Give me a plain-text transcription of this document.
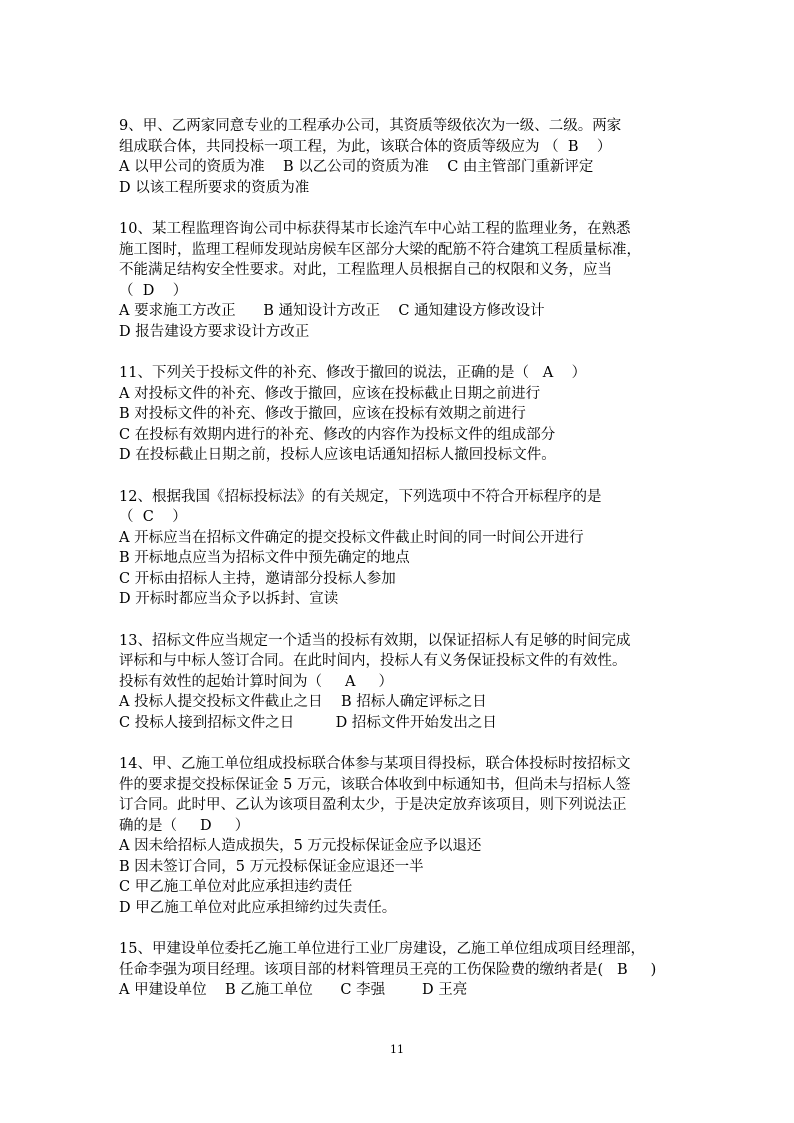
9、甲、乙两家同意专业的工程承办公司，其资质等级依次为一级、二级。两家
组成联合体，共同投标一项工程，为此，该联合体的资质等级应为 （  B    ）
A 以甲公司的资质为准    B 以乙公司的资质为准    C 由主管部门重新评定
D 以该工程所要求的资质为准
10、某工程监理咨询公司中标获得某市长途汽车中心站工程的监理业务，在熟悉
施工图时，监理工程师发现站房候车区部分大梁的配筋不符合建筑工程质量标准，
不能满足结构安全性要求。对此，工程监理人员根据自己的权限和义务，应当
（  D    ）
A 要求施工方改正      B 通知设计方改正    C 通知建设方修改设计
D 报告建设方要求设计方改正
11、下列关于投标文件的补充、修改于撤回的说法，正确的是（   A    ）
A 对投标文件的补充、修改于撤回，应该在投标截止日期之前进行
B 对投标文件的补充、修改于撤回，应该在投标有效期之前进行
C 在投标有效期内进行的补充、修改的内容作为投标文件的组成部分
D 在投标截止日期之前，投标人应该电话通知招标人撤回投标文件。
12、根据我国《招标投标法》的有关规定，下列选项中不符合开标程序的是
（  C    ）
A 开标应当在招标文件确定的提交投标文件截止时间的同一时间公开进行
B 开标地点应当为招标文件中预先确定的地点
C 开标由招标人主持，邀请部分投标人参加
D 开标时都应当众予以拆封、宣读
13、招标文件应当规定一个适当的投标有效期，以保证招标人有足够的时间完成
评标和与中标人签订合同。在此时间内，投标人有义务保证投标文件的有效性。
投标有效性的起始计算时间为（     A     ）
A 投标人提交投标文件截止之日    B 招标人确定评标之日
C 投标人接到招标文件之日         D 招标文件开始发出之日
14、甲、乙施工单位组成投标联合体参与某项目得投标，联合体投标时按招标文
件的要求提交投标保证金 5 万元，该联合体收到中标通知书，但尚未与招标人签
订合同。此时甲、乙认为该项目盈利太少，于是决定放弃该项目，则下列说法正
确的是（     D     ）
A 因未给招标人造成损失，5 万元投标保证金应予以退还
B 因未签订合同，5 万元投标保证金应退还一半
C 甲乙施工单位对此应承担违约责任
D 甲乙施工单位对此应承担缔约过失责任。
15、甲建设单位委托乙施工单位进行工业厂房建设，乙施工单位组成项目经理部，
任命李强为项目经理。该项目部的材料管理员王亮的工伤保险费的缴纳者是(   B     )
A 甲建设单位    B 乙施工单位      C 李强        D 王亮
11
